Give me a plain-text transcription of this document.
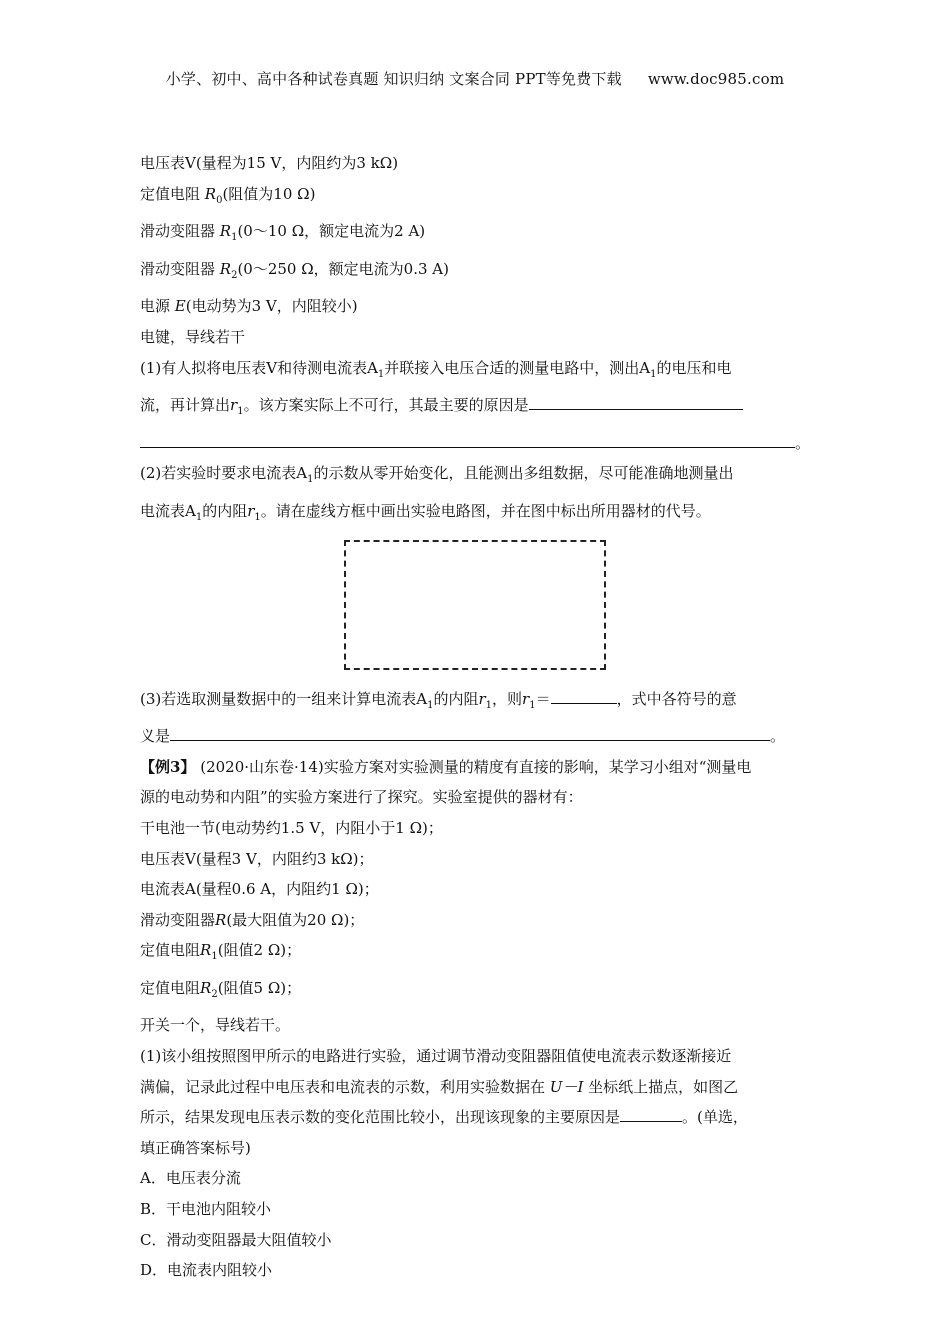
小学、初中、高中各种试卷真题 知识归纳 文案合同 PPT等免费下载 www.doc985.com
电压表V(量程为15 V，内阻约为3 kΩ)
定值电阻 $R_0$(阻值为10 Ω)
滑动变阻器 $R_1(0\sim 10$ Ω，额定电流为2 A)
滑动变阻器 $R_2(0\sim 250$ Ω，额定电流为0.3 A)
电源 E(电动势为3 V，内阻较小)
电键，导线若干
(1)有人拟将电压表V和待测电流表$A_1$并联接入电压合适的测量电路中，测出$A_1$的电压和电
流，再计算出$r_1$。该方案实际上不可行，其最主要的原因是
。
(2)若实验时要求电流表$A_1$的示数从零开始变化，且能测出多组数据，尽可能准确地测量出
电流表$A_1$的内阻$r_1$。请在虚线方框中画出实验电路图，并在图中标出所用器材的代号。
(3)若选取测量数据中的一组来计算电流表$A_1$的内阻$r_1$，则$r_1=$	，式中各符号的意
义是	。
【例3】 (2020·山东卷·14)实验方案对实验测量的精度有直接的影响，某学习小组对“测量电
源的电动势和内阻”的实验方案进行了探究。实验室提供的器材有：
干电池一节(电动势约1.5 V，内阻小于1 Ω)；
电压表V(量程3 V，内阻约3 kΩ)；
电流表A(量程0.6 A，内阻约1 Ω)；
滑动变阻器R(最大阻值为20 Ω)；
定值电阻$R_1$(阻值2 Ω)；
定值电阻$R_2$(阻值5 Ω)；
开关一个，导线若干。
(1)该小组按照图甲所示的电路进行实验，通过调节滑动变阻器阻值使电流表示数逐渐接近
满偏，记录此过程中电压表和电流表的示数，利用实验数据在 U－I 坐标纸上描点，如图乙
所示，结果发现电压表示数的变化范围比较小，出现该现象的主要原因是	。(单选，
填正确答案标号)
A．电压表分流
B．干电池内阻较小
C．滑动变阻器最大阻值较小
D．电流表内阻较小
